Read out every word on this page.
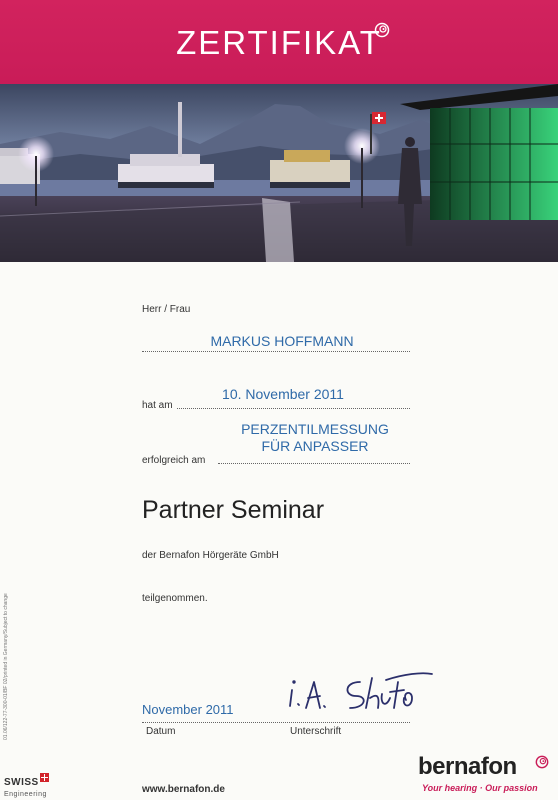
ZERTIFIKAT
Herr / Frau
MARKUS HOFFMANN
10. November 2011
hat am
PERZENTILMESSUNG
FÜR ANPASSER
erfolgreich am
Partner Seminar
der Bernafon Hörgeräte GmbH
teilgenommen.
November 2011
Datum	Unterschrift
01.06/122-77-300-01/BF 02/printed in Germany/Subject to change
SWISS
Engineering	www.bernafon.de
bernafon
Your hearing · Our passion
